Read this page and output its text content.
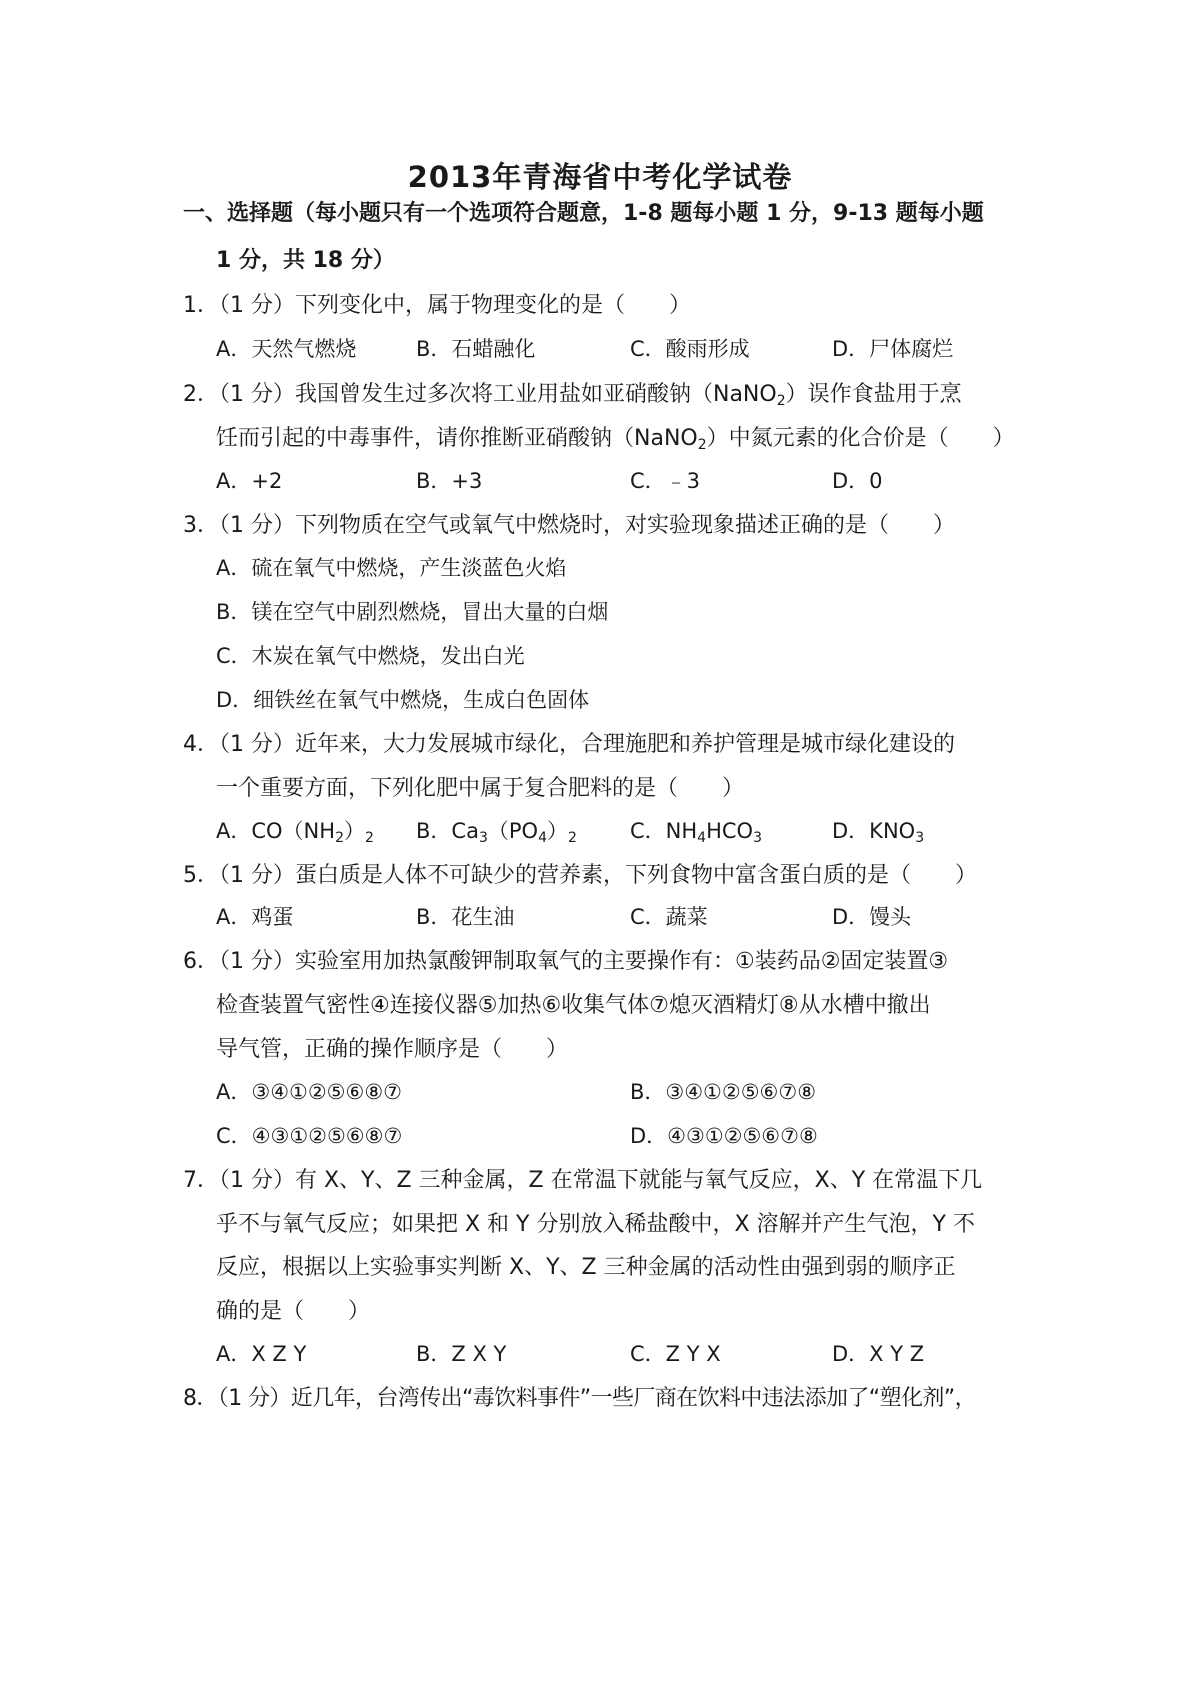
2013年青海省中考化学试卷
一、选择题（每小题只有一个选项符合题意，1-8 题每小题 1 分，9-13 题每小题
1 分，共 18 分）
1．（1 分）下列变化中，属于物理变化的是（　　）
A．天然气燃烧	B．石蜡融化	C．酸雨形成	D．尸体腐烂
2．（1 分）我国曾发生过多次将工业用盐如亚硝酸钠（NaNO$_2$）误作食盐用于烹
饪而引起的中毒事件，请你推断亚硝酸钠（NaNO$_2$）中氮元素的化合价是（　　）
A．+2	B．+3	C．﹣3	D．0
3．（1 分）下列物质在空气或氧气中燃烧时，对实验现象描述正确的是（　　）
A．硫在氧气中燃烧，产生淡蓝色火焰
B．镁在空气中剧烈燃烧，冒出大量的白烟
C．木炭在氧气中燃烧，发出白光
D．细铁丝在氧气中燃烧，生成白色固体
4．（1 分）近年来，大力发展城市绿化，合理施肥和养护管理是城市绿化建设的
一个重要方面，下列化肥中属于复合肥料的是（　　）
A．$CO(NH_2)_2$ B．$Ca_3(PO_4)_2$	C．$NH_4HCO_3$	D．$KNO_3$
5．（1 分）蛋白质是人体不可缺少的营养素，下列食物中富含蛋白质的是（　　）
A．鸡蛋	B．花生油	C．蔬菜	D．馒头
6．（1 分）实验室用加热氯酸钾制取氧气的主要操作有：①装药品②固定装置③
检查装置气密性④连接仪器⑤加热⑥收集气体⑦熄灭酒精灯⑧从水槽中撤出
导气管，正确的操作顺序是（　　）
A．③④①②⑤⑥⑧⑦	B．③④①②⑤⑥⑦⑧
C．④③①②⑤⑥⑧⑦	D．④③①②⑤⑥⑦⑧
7．（1 分）有 X、Y、Z 三种金属，Z 在常温下就能与氧气反应，X、Y 在常温下几
乎不与氧气反应；如果把 X 和 Y 分别放入稀盐酸中，X 溶解并产生气泡，Y 不
反应，根据以上实验事实判断 X、Y、Z 三种金属的活动性由强到弱的顺序正
确的是（　　）
A．X Z Y	B．Z X Y	C．Z Y X	D．X Y Z
8．（1 分）近几年，台湾传出“毒饮料事件”一些厂商在饮料中违法添加了“塑化剂”，
